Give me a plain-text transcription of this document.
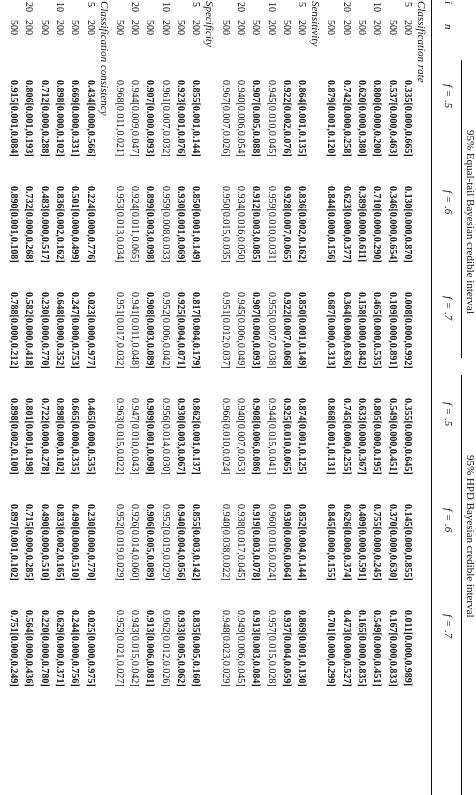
95% Equal-tail Bayesian credible interval
95% HPD Bayesian credible interval
i
n
f = .5
f = .6
f = .7
f = .5
f = .6
f = .7
Classification rate
5
200
0.335[0.000,0.665]
0.130[0.000,0.870]
0.008[0.000,0.992]
0.355[0.000,0.645]
0.145[0.000,0.855]
0.011[0.000,0.989]
500
0.537[0.000,0.463]
0.346[0.000,0.654]
0.109[0.000,0.891]
0.549[0.000,0.451]
0.370[0.000,0.630]
0.167[0.000,0.833]
10
200
0.800[0.000,0.200]
0.710[0.000,0.290]
0.465[0.000,0.535]
0.805[0.000,0.195]
0.755[0.000,0.245]
0.549[0.000,0.451]
500
0.620[0.000,0.380]
0.389[0.000,0.611]
0.158[0.000,0.842]
0.633[0.000,0.367]
0.409[0.000,0.591]
0.165[0.000,0.835]
20
200
0.742[0.000,0.258]
0.623[0.000,0.377]
0.364[0.000,0.636]
0.745[0.000,0.255]
0.626[0.000,0.374]
0.473[0.000,0.527]
500
0.879[0.001,0.120]
0.844[0.000,0.156]
0.687[0.000,0.313]
0.868[0.001,0.131]
0.845[0.000,0.155]
0.701[0.000,0.299]
Sensitivity
5
200
0.864[0.001,0.135]
0.836[0.002,0.162]
0.850[0.001,0.149]
0.874[0.001,0.125]
0.852[0.004,0.144]
0.869[0.001,0.130]
500
0.922[0.002,0.076]
0.928[0.007,0.065]
0.922[0.007,0.068]
0.925[0.010,0.065]
0.930[0.006,0.064]
0.937[0.004,0.059]
10
200
0.945[0.010,0.045]
0.959[0.010,0.031]
0.955[0.007,0.038]
0.944[0.015,0.041]
0.960[0.016,0.024]
0.957[0.015,0.028]
500
0.907[0.005,0.088]
0.912[0.003,0.085]
0.907[0.000,0.093]
0.908[0.006,0.086]
0.919[0.003,0.078]
0.913[0.003,0.084]
20
200
0.940[0.006,0.054]
0.934[0.016,0.050]
0.945[0.006,0.049]
0.940[0.007,0.053]
0.938[0.017,0.045]
0.949[0.006,0.045]
500
0.967[0.007,0.026]
0.950[0.015,0.035]
0.951[0.012,0.037]
0.966[0.010,0.024]
0.940[0.038,0.022]
0.948[0.023,0.029]
Specificity
5
200
0.855[0.001,0.144]
0.850[0.001,0.149]
0.817[0.004,0.179]
0.862[0.001,0.137]
0.855[0.003,0.142]
0.835[0.005,0.160]
500
0.923[0.001,0.076]
0.930[0.001,0.069]
0.925[0.004,0.071]
0.930[0.003,0.067]
0.940[0.004,0.056]
0.933[0.005,0.062]
10
200
0.961[0.007,0.032]
0.959[0.008,0.033]
0.952[0.006,0.042]
0.956[0.014,0.030]
0.952[0.019,0.029]
0.962[0.012,0.026]
500
0.907[0.000,0.093]
0.899[0.003,0.098]
0.908[0.003,0.089]
0.909[0.001,0.090]
0.906[0.005,0.089]
0.913[0.006,0.081]
20
200
0.944[0.009,0.047]
0.924[0.011,0.065]
0.941[0.011,0.048]
0.947[0.010,0.043]
0.926[0.014,0.060]
0.943[0.015,0.042]
500
0.968[0.011,0.021]
0.953[0.013,0.034]
0.951[0.017,0.032]
0.963[0.015,0.022]
0.952[0.019,0.029]
0.952[0.021,0.027]
Classification consistency
5
200
0.434[0.000,0.566]
0.224[0.000,0.776]
0.023[0.000,0.977]
0.465[0.000,0.535]
0.230[0.000,0.770]
0.025[0.000,0.975]
500
0.669[0.000,0.331]
0.501[0.000,0.499]
0.247[0.000,0.753]
0.665[0.000,0.335]
0.490[0.000,0.510]
0.244[0.000,0.756]
10
200
0.898[0.000,0.102]
0.836[0.002,0.162]
0.648[0.000,0.352]
0.898[0.000,0.102]
0.833[0.002,0.165]
0.629[0.000,0.371]
500
0.712[0.000,0.288]
0.483[0.000,0.517]
0.230[0.000,0.770]
0.722[0.000,0.278]
0.490[0.000,0.510]
0.220[0.000,0.780]
20
200
0.806[0.001,0.193]
0.732[0.000,0.268]
0.582[0.000,0.418]
0.801[0.001,0.198]
0.715[0.000,0.285]
0.564[0.000,0.436]
500
0.915[0.001,0.084]
0.890[0.001,0.108]
0.788[0.000,0.212]
0.898[0.002,0.100]
0.897[0.001,0.102]
0.751[0.000,0.249]
